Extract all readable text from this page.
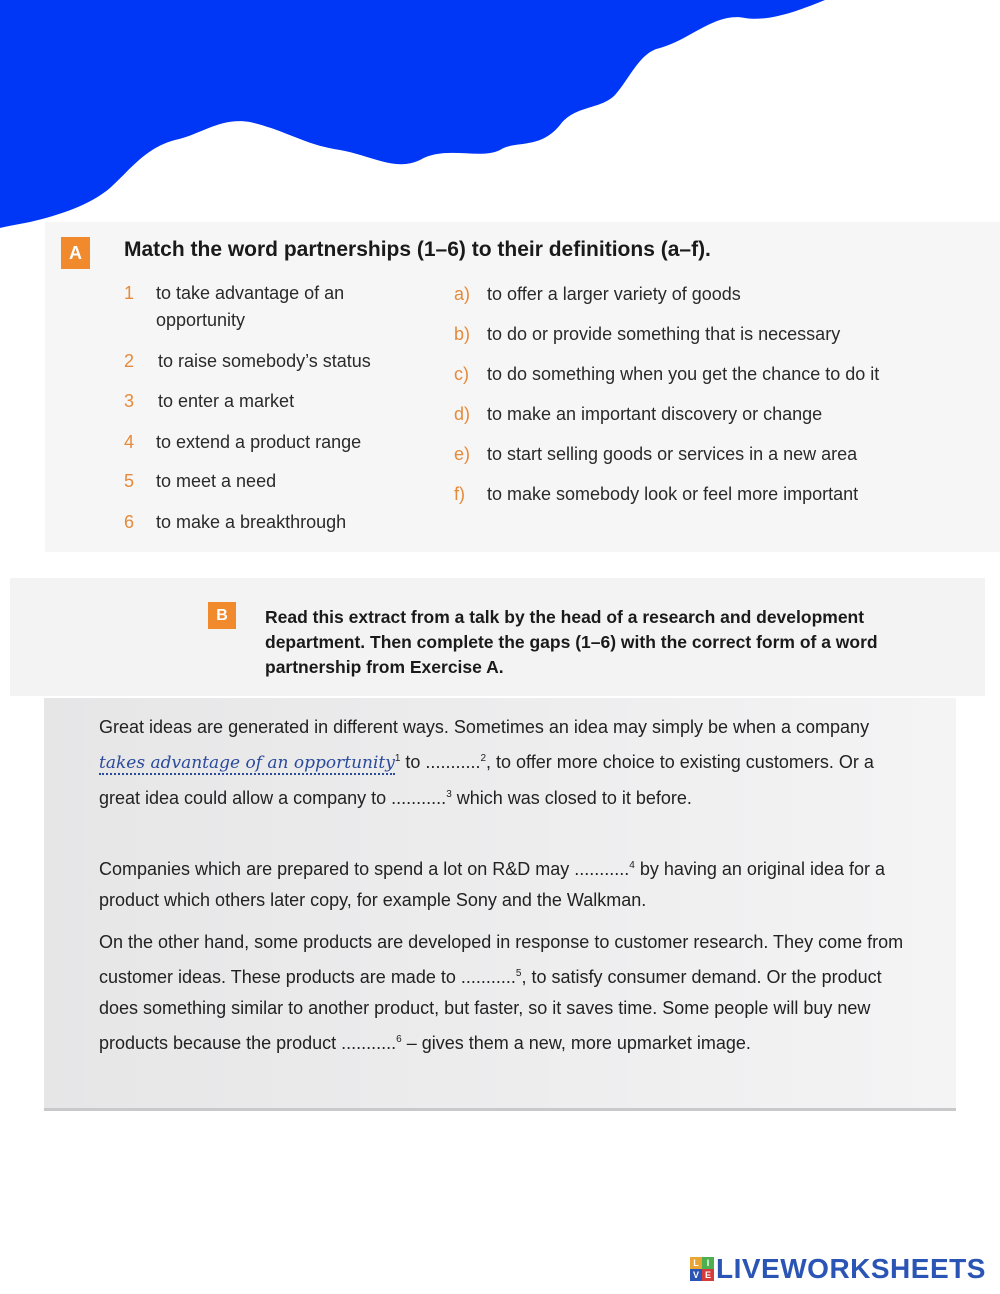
A	Match the word partnerships (1–6) to their definitions (a–f).
1 to take advantage of an opportunity
2 to raise somebody’s status
3 to enter a market
4 to extend a product range
5 to meet a need
6 to make a breakthrough
a) to offer a larger variety of goods
b) to do or provide something that is necessary
c) to do something when you get the chance to do it
d) to make an important discovery or change
e) to start selling goods or services in a new area
f) to make somebody look or feel more important
B	Read this extract from a talk by the head of a research and development department. Then complete the gaps (1–6) with the correct form of a word partnership from Exercise A.
Great ideas are generated in different ways. Sometimes an idea may simply be when a company takes advantage of an opportunity$^1$ to ...........$^2$, to offer more choice to existing customers. Or a great idea could allow a company to ...........$^3$ which was closed to it before.
Companies which are prepared to spend a lot on R&D may ...........$^4$ by having an original idea for a product which others later copy, for example Sony and the Walkman.
On the other hand, some products are developed in response to customer research. They come from customer ideas. These products are made to ...........$^5$, to satisfy consumer demand. Or the product does something similar to another product, but faster, so it saves time. Some people will buy new products because the product ...........$^6$ – gives them a new, more upmarket image.
L I
V E LIVEWORKSHEETS
